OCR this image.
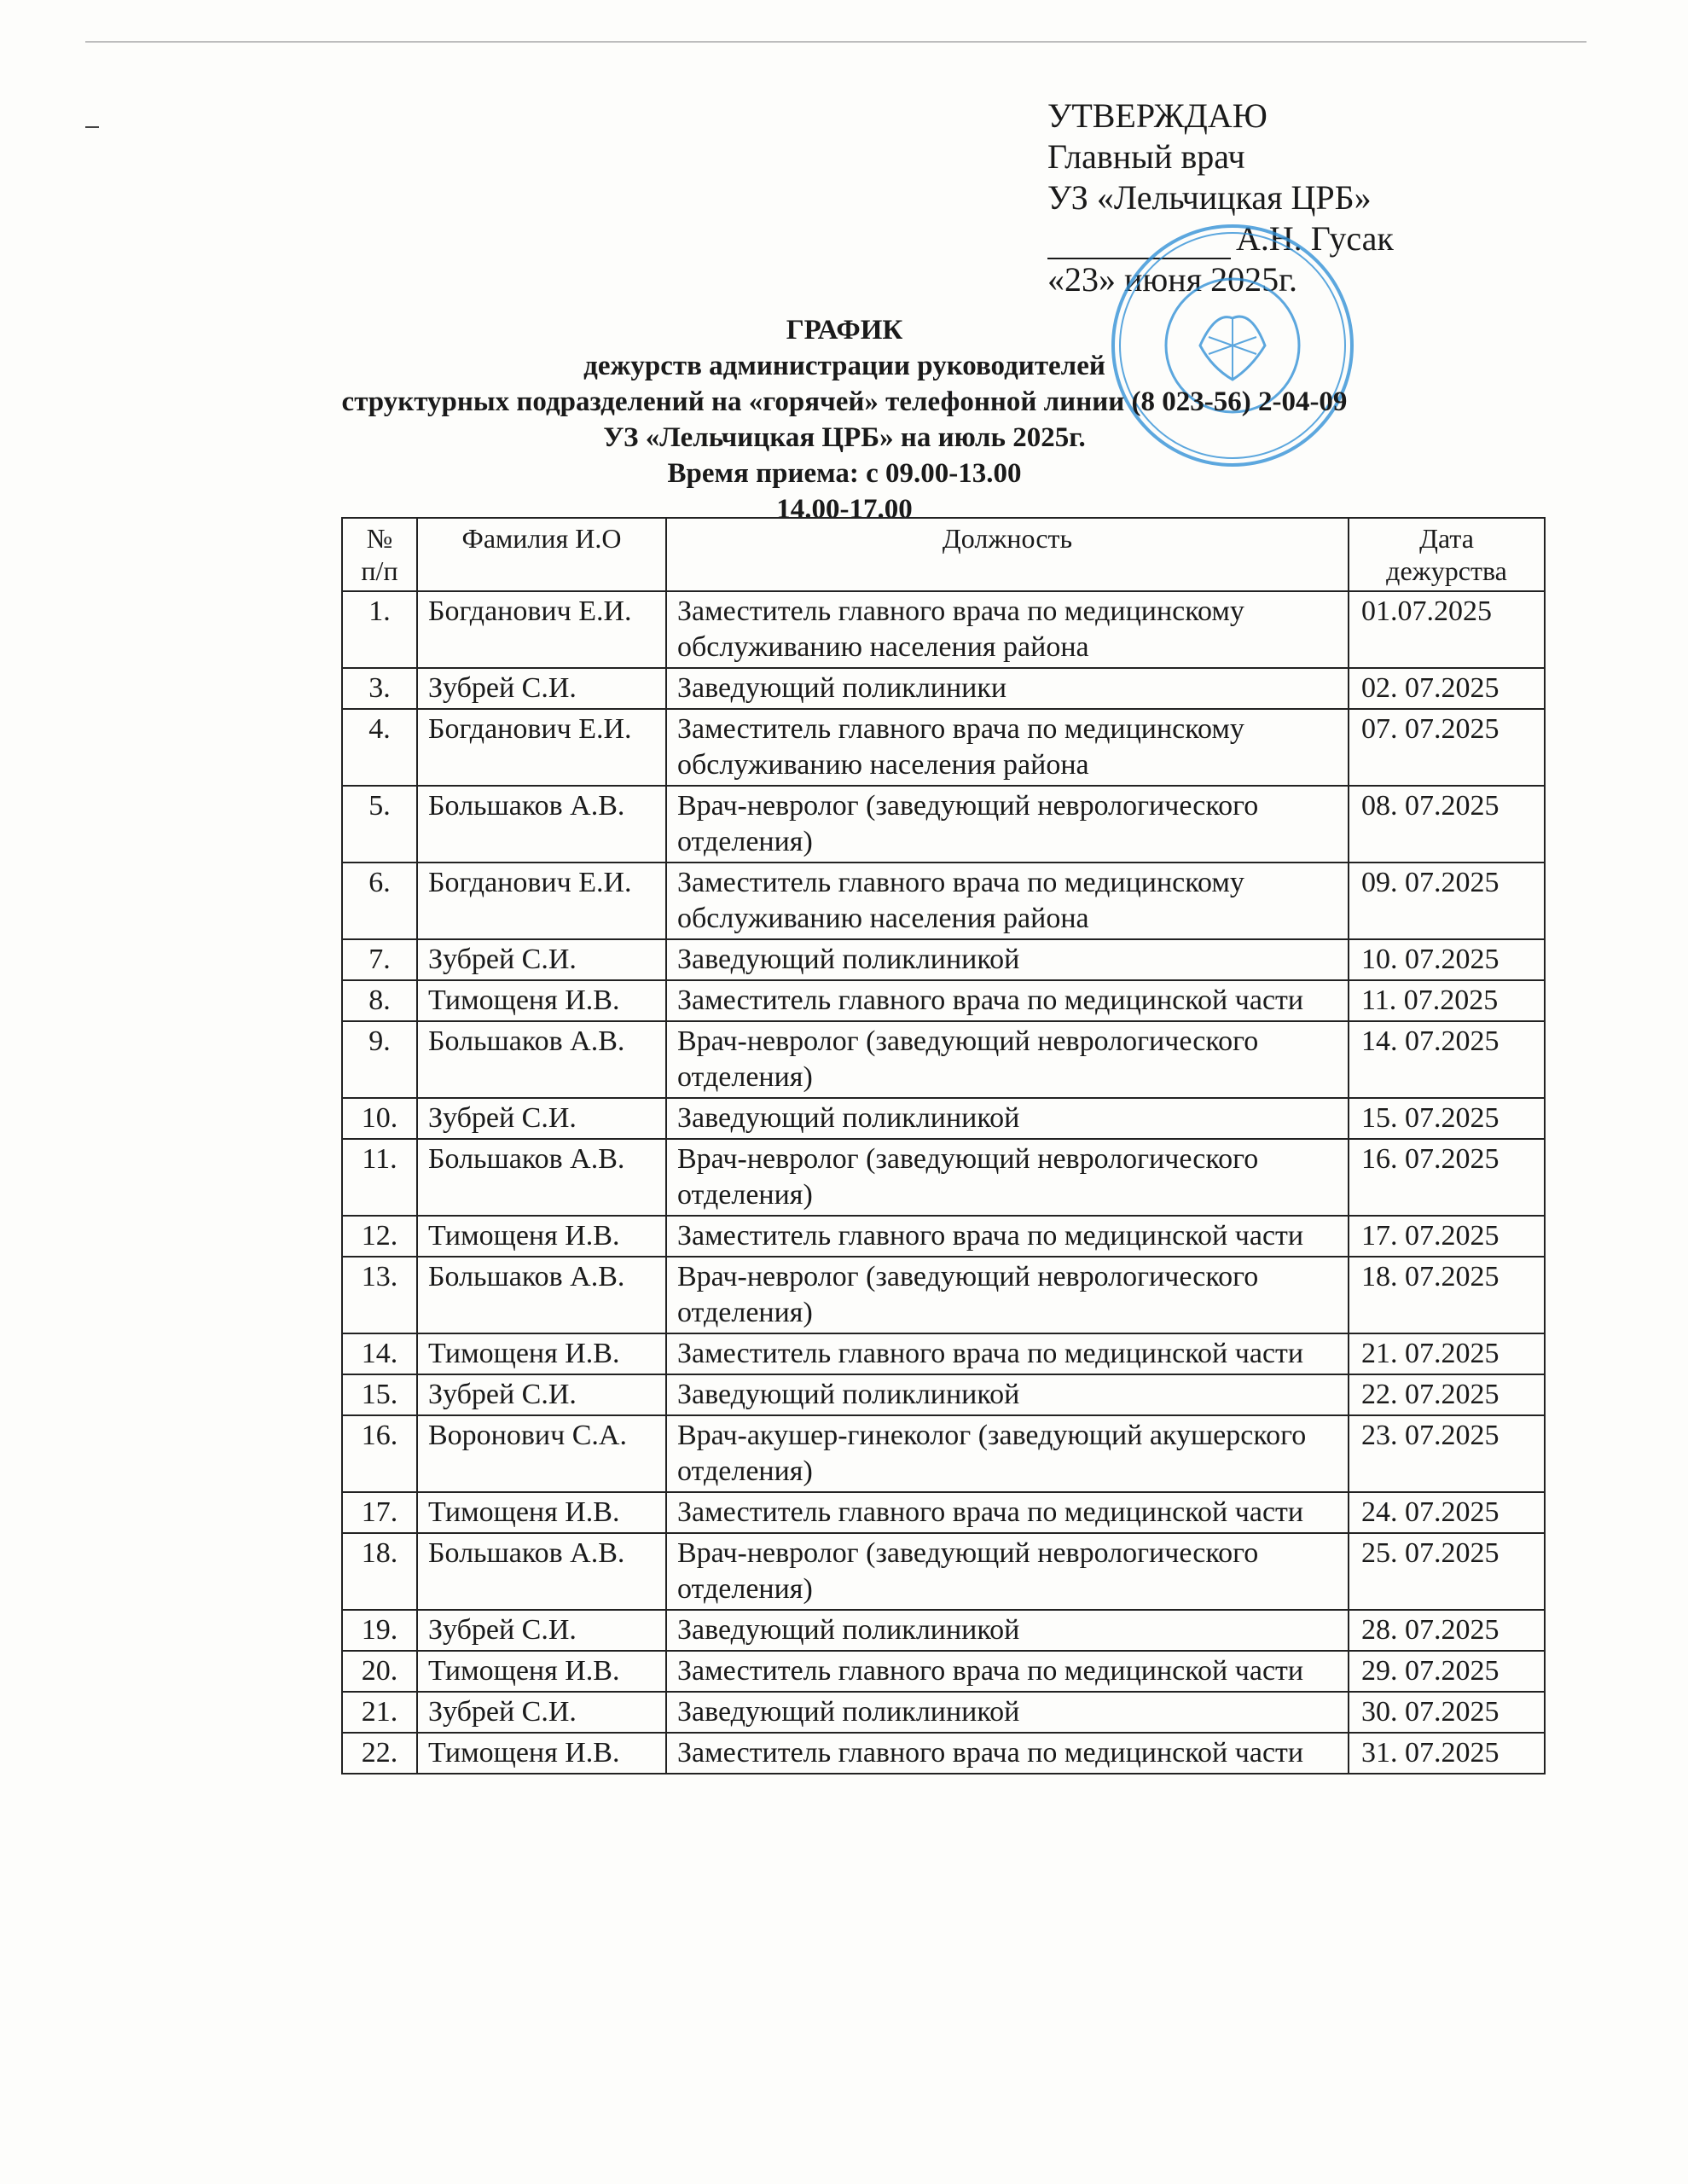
УТВЕРЖДАЮ
Главный врач
УЗ «Лельчицкая ЦРБ»
А.Н. Гусак
«23» июня 2025г.
ГРАФИК
дежурств администрации руководителей
структурных подразделений на «горячей» телефонной линии (8 023-56) 2-04-09
УЗ «Лельчицкая ЦРБ» на июль 2025г.
Время приема: с 09.00-13.00
14.00-17.00
№ п/п	Фамилия И.О	Должность	Дата дежурства
1.	Богданович Е.И.	Заместитель главного врача по медицинскому обслуживанию населения района	01.07.2025
3.	Зубрей С.И.	Заведующий поликлиники	02. 07.2025
4.	Богданович Е.И.	Заместитель главного врача по медицинскому обслуживанию населения района	07. 07.2025
5.	Большаков А.В.	Врач-невролог (заведующий неврологического отделения)	08. 07.2025
6.	Богданович Е.И.	Заместитель главного врача по медицинскому обслуживанию населения района	09. 07.2025
7.	Зубрей С.И.	Заведующий поликлиникой	10. 07.2025
8.	Тимощеня И.В.	Заместитель главного врача по медицинской части	11. 07.2025
9.	Большаков А.В.	Врач-невролог (заведующий неврологического отделения)	14. 07.2025
10.	Зубрей С.И.	Заведующий поликлиникой	15. 07.2025
11.	Большаков А.В.	Врач-невролог (заведующий неврологического отделения)	16. 07.2025
12.	Тимощеня И.В.	Заместитель главного врача по медицинской части	17. 07.2025
13.	Большаков А.В.	Врач-невролог (заведующий неврологического отделения)	18. 07.2025
14.	Тимощеня И.В.	Заместитель главного врача по медицинской части	21. 07.2025
15.	Зубрей С.И.	Заведующий поликлиникой	22. 07.2025
16.	Воронович С.А.	Врач-акушер-гинеколог (заведующий акушерского отделения)	23. 07.2025
17.	Тимощеня И.В.	Заместитель главного врача по медицинской части	24. 07.2025
18.	Большаков А.В.	Врач-невролог (заведующий неврологического отделения)	25. 07.2025
19.	Зубрей С.И.	Заведующий поликлиникой	28. 07.2025
20.	Тимощеня И.В.	Заместитель главного врача по медицинской части	29. 07.2025
21.	Зубрей С.И.	Заведующий поликлиникой	30. 07.2025
22.	Тимощеня И.В.	Заместитель главного врача по медицинской части	31. 07.2025
